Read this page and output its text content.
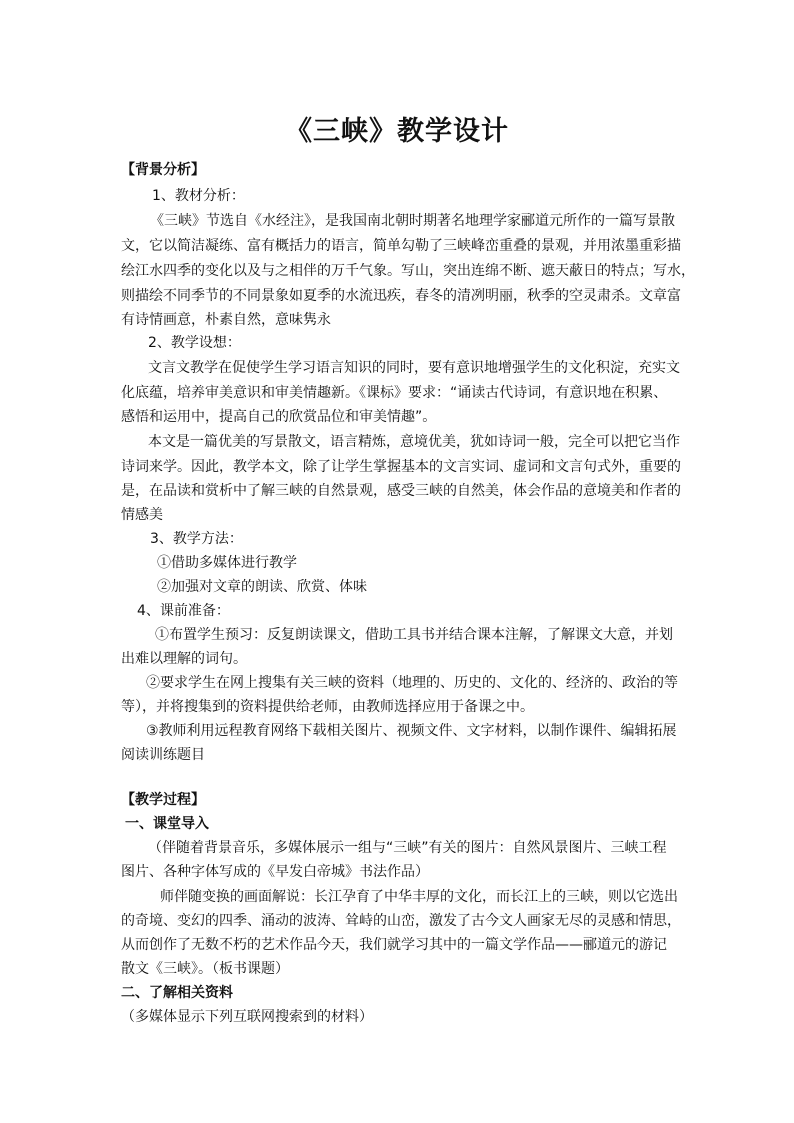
《三峡》教学设计
【背景分析】
1、教材分析：
《三峡》节选自《水经注》，是我国南北朝时期著名地理学家郦道元所作的一篇写景散
文，它以简洁凝练、富有概括力的语言，简单勾勒了三峡峰峦重叠的景观，并用浓墨重彩描
绘江水四季的变化以及与之相伴的万千气象。写山，突出连绵不断、遮天蔽日的特点；写水，
则描绘不同季节的不同景象如夏季的水流迅疾，春冬的清冽明丽，秋季的空灵肃杀。文章富
有诗情画意，朴素自然，意味隽永
2、教学设想：
文言文教学在促使学生学习语言知识的同时，要有意识地增强学生的文化积淀，充实文
化底蕴，培养审美意识和审美情趣新。《课标》要求：“诵读古代诗词，有意识地在积累、
感悟和运用中，提高自己的欣赏品位和审美情趣”。
本文是一篇优美的写景散文，语言精炼，意境优美，犹如诗词一般，完全可以把它当作
诗词来学。因此，教学本文，除了让学生掌握基本的文言实词、虚词和文言句式外，重要的
是，在品读和赏析中了解三峡的自然景观，感受三峡的自然美，体会作品的意境美和作者的
情感美
3、教学方法：
①借助多媒体进行教学
②加强对文章的朗读、欣赏、体味
4、课前准备：
①布置学生预习：反复朗读课文，借助工具书并结合课本注解，了解课文大意，并划
出难以理解的词句。
②要求学生在网上搜集有关三峡的资料（地理的、历史的、文化的、经济的、政治的等
等），并将搜集到的资料提供给老师，由教师选择应用于备课之中。
③教师利用远程教育网络下载相关图片、视频文件、文字材料，以制作课件、编辑拓展
阅读训练题目
【教学过程】
一、课堂导入
（伴随着背景音乐，多媒体展示一组与“三峡”有关的图片：自然风景图片、三峡工程
图片、各种字体写成的《早发白帝城》书法作品）
师伴随变换的画面解说：长江孕育了中华丰厚的文化，而长江上的三峡，则以它选出
的奇境、变幻的四季、涌动的波涛、耸峙的山峦，激发了古今文人画家无尽的灵感和情思，
从而创作了无数不朽的艺术作品今天，我们就学习其中的一篇文学作品——郦道元的游记
散文《三峡》。（板书课题）
二、了解相关资料
（多媒体显示下列互联网搜索到的材料）
